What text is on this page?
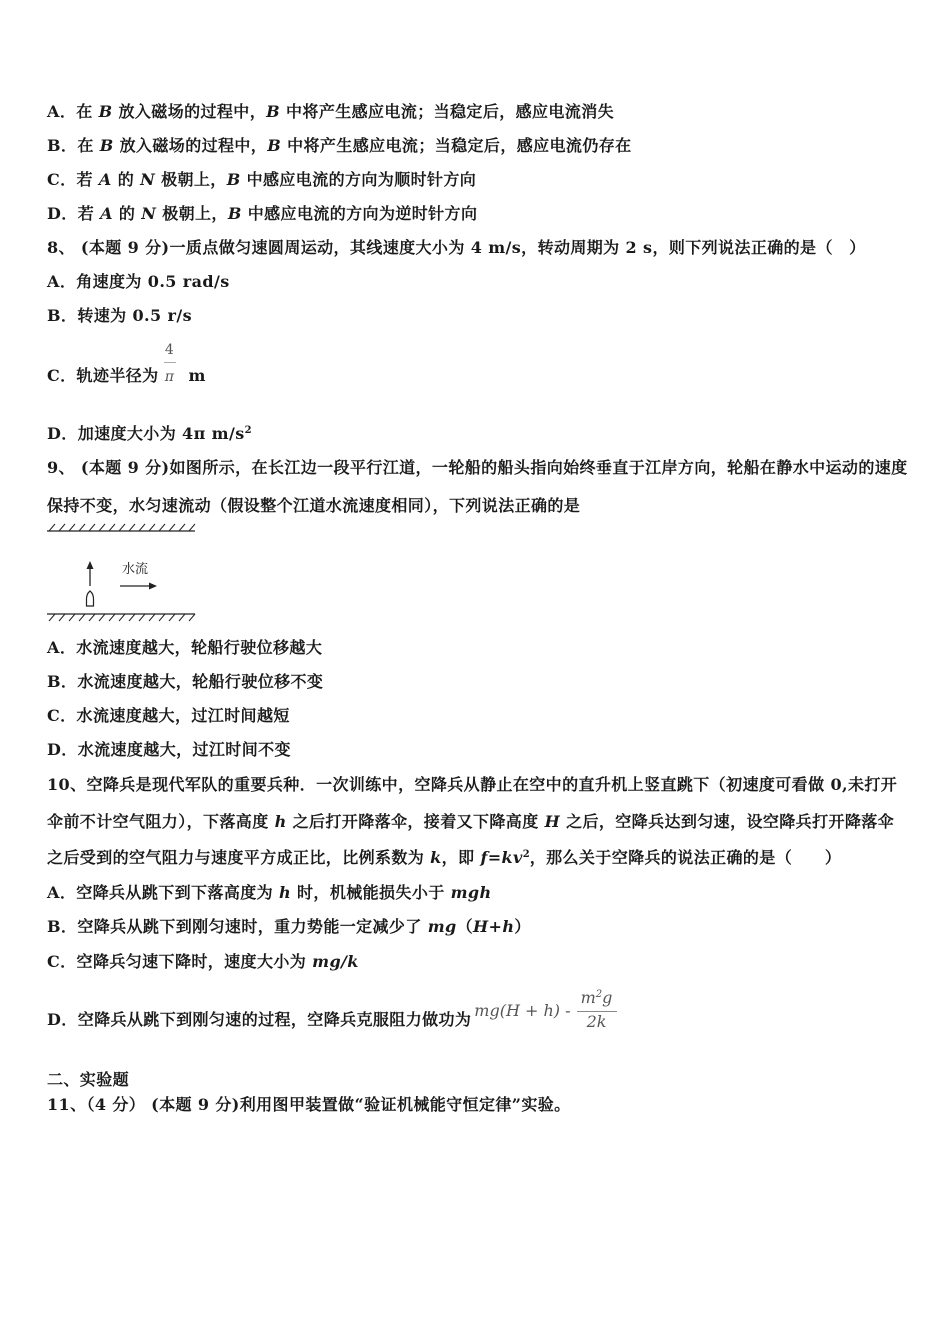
A．在 B 放入磁场的过程中，B 中将产生感应电流；当稳定后，感应电流消失
B．在 B 放入磁场的过程中，B 中将产生感应电流；当稳定后，感应电流仍存在
C．若 A 的 N 极朝上，B 中感应电流的方向为顺时针方向
D．若 A 的 N 极朝上，B 中感应电流的方向为逆时针方向
8、 (本题 9 分)一质点做匀速圆周运动，其线速度大小为 4 m/s，转动周期为 2 s，则下列说法正确的是（　）
A．角速度为 0.5 rad/s
B．转速为 0.5 r/s
C．轨迹半径为 $\frac{4}{\pi}$ m
D．加速度大小为 4π $m/s^2$
9、 (本题 9 分)如图所示，在长江边一段平行江道，一轮船的船头指向始终垂直于江岸方向，轮船在静水中运动的速度
保持不变，水匀速流动（假设整个江道水流速度相同），下列说法正确的是
水流
A．水流速度越大，轮船行驶位移越大
B．水流速度越大，轮船行驶位移不变
C．水流速度越大，过江时间越短
D．水流速度越大，过江时间不变
10、空降兵是现代军队的重要兵种．一次训练中，空降兵从静止在空中的直升机上竖直跳下（初速度可看做 0,未打开
伞前不计空气阻力），下落高度 h 之后打开降落伞，接着又下降高度 H 之后，空降兵达到匀速，设空降兵打开降落伞
之后受到的空气阻力与速度平方成正比，比例系数为 k，即 $f=kv^2$，那么关于空降兵的说法正确的是（　　）
A．空降兵从跳下到下落高度为 h 时，机械能损失小于 mgh
B．空降兵从跳下到刚匀速时，重力势能一定减少了 mg（H+h）
C．空降兵匀速下降时，速度大小为 mg/k
D．空降兵从跳下到刚匀速的过程，空降兵克服阻力做功为 $mg(H + h) - \frac{m^2g}{2k}$
二、实验题
11、（4 分） (本题 9 分)利用图甲装置做“验证机械能守恒定律”实验。
